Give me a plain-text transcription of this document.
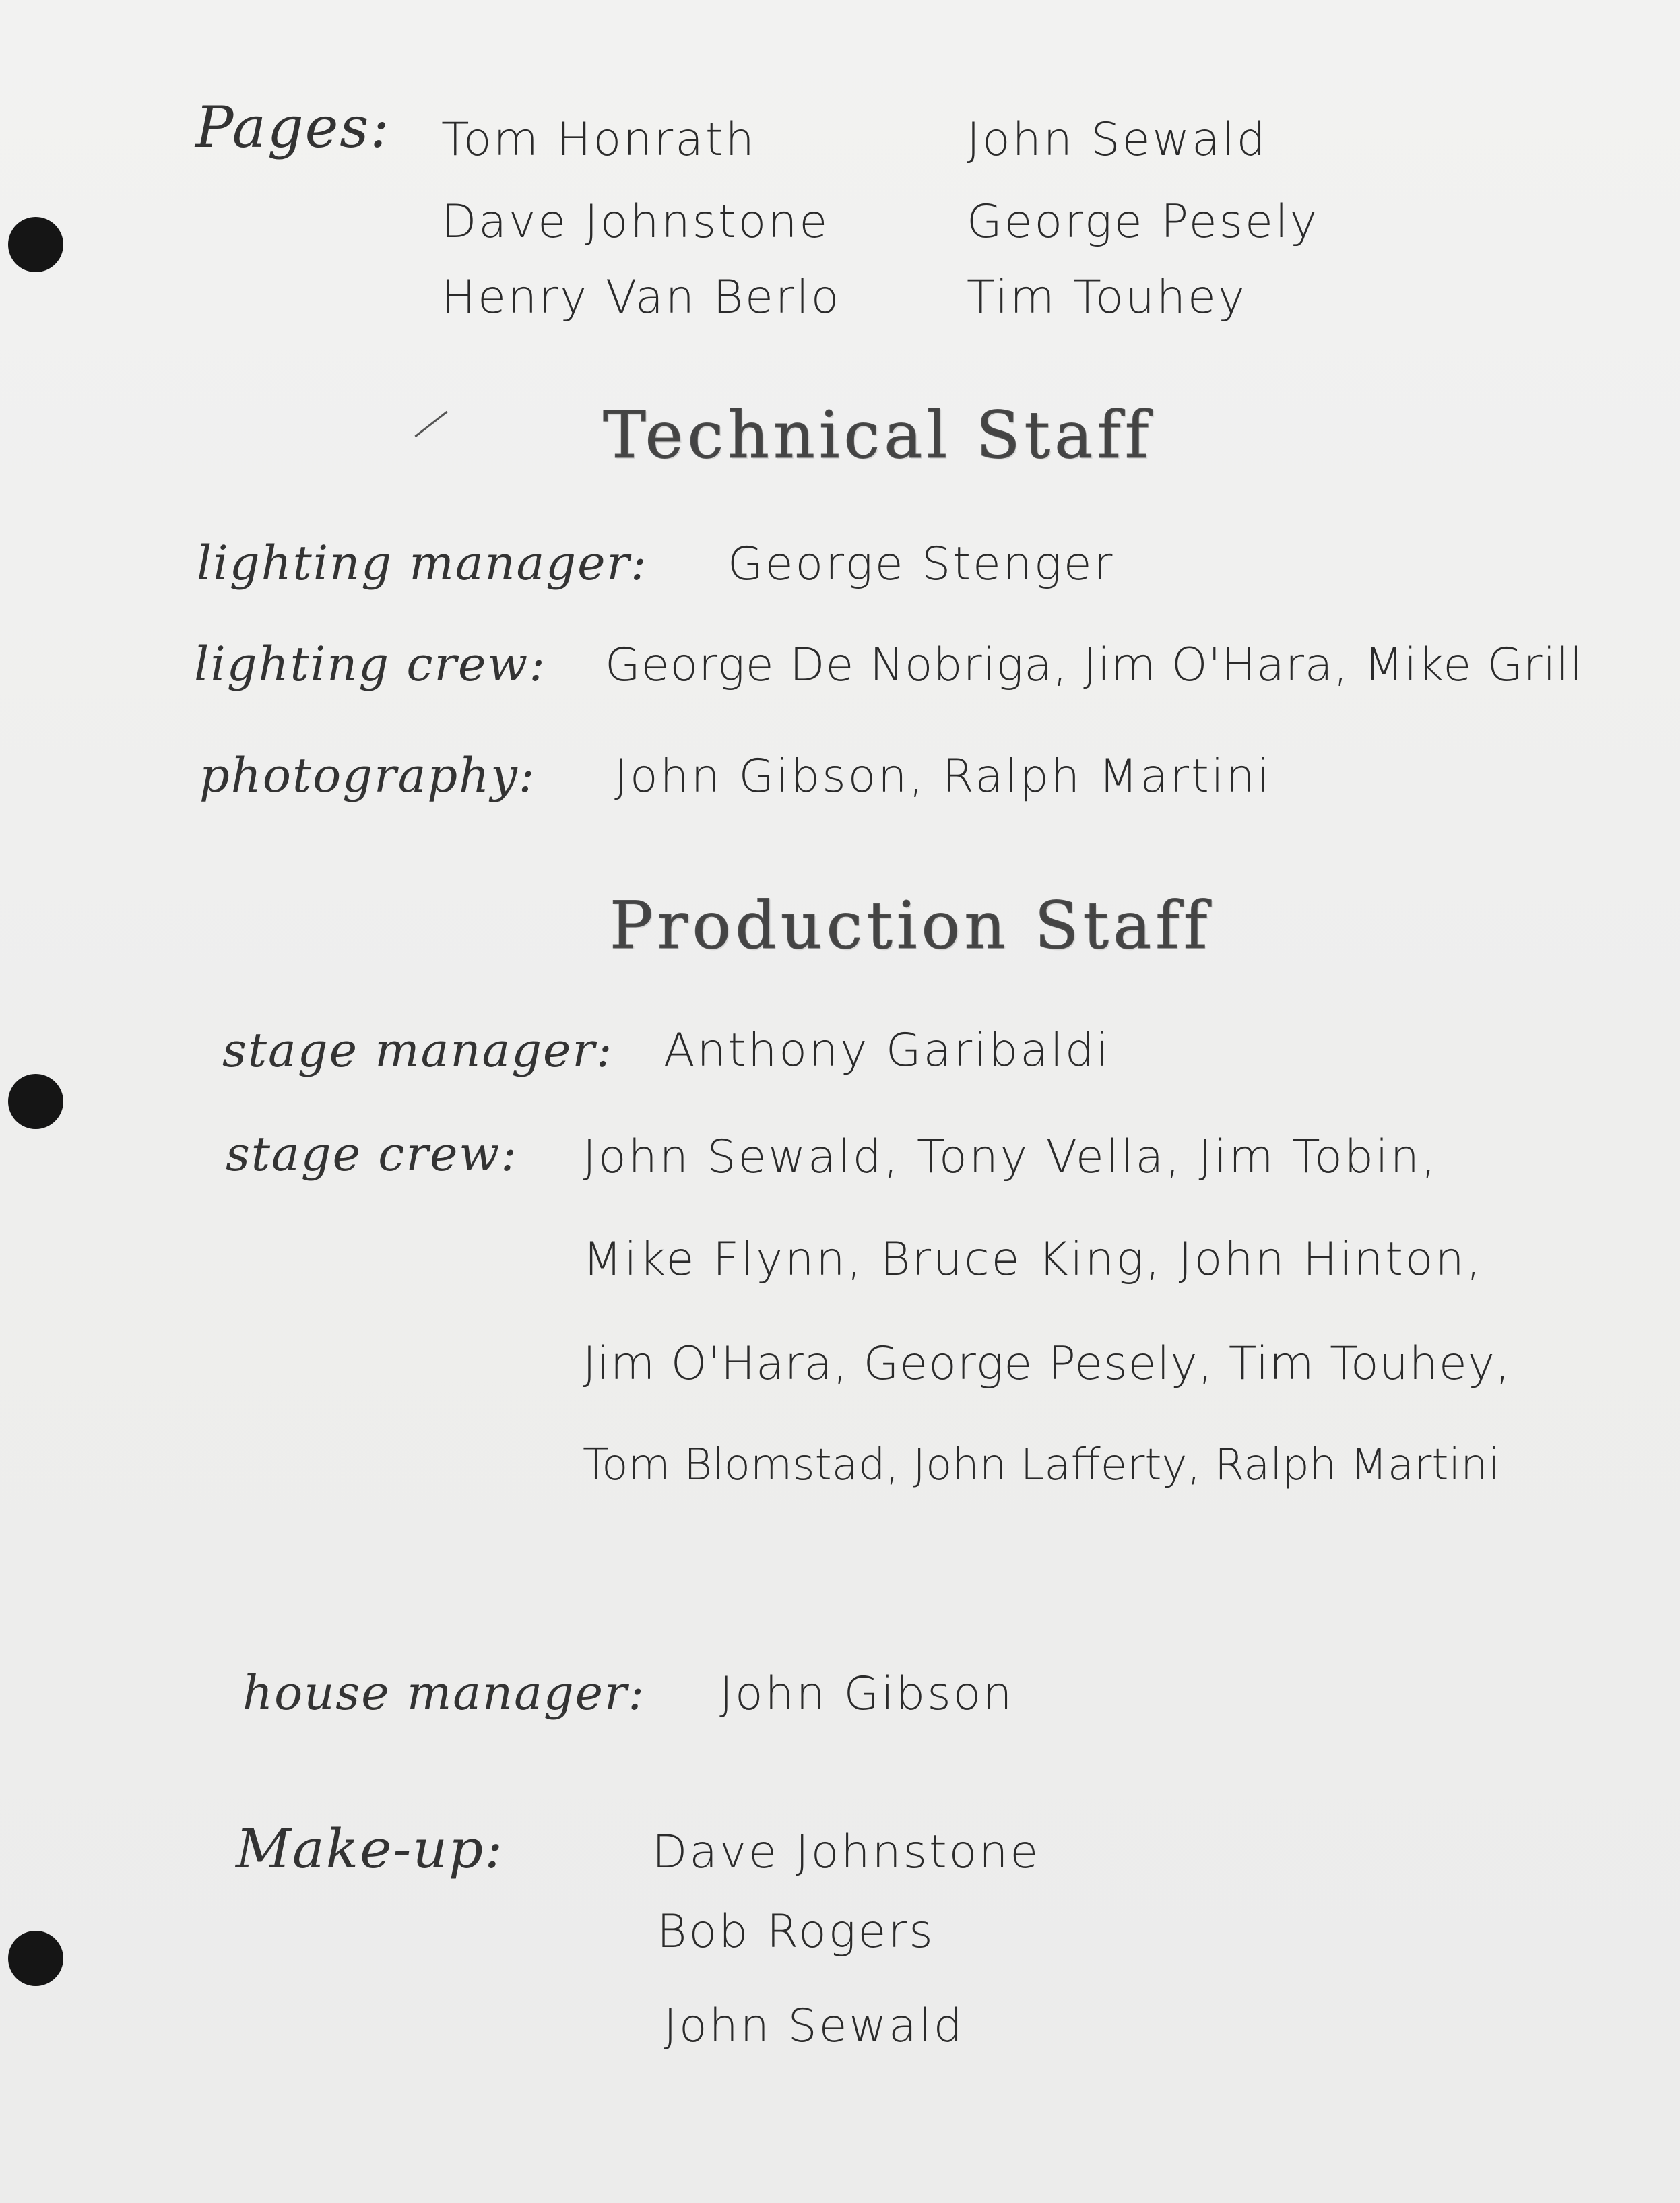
Pages: Tom Honrath
Dave Johnstone
Henry Van Berlo
John Sewald
George Pesely
Tim Touhey
Technical Staff
lighting manager: George Stenger
lighting crew: George De Nobriga, Jim O'Hara, Mike Grill
photography: John Gibson, Ralph Martini
Production Staff
stage manager: Anthony Garibaldi
stage crew: John Sewald, Tony Vella, Jim Tobin,
Mike Flynn, Bruce King, John Hinton,
Jim O'Hara, George Pesely, Tim Touhey,
Tom Blomstad, John Lafferty, Ralph Martini
house manager: John Gibson
Make-up:	Dave Johnstone
Bob Rogers
John Sewald
